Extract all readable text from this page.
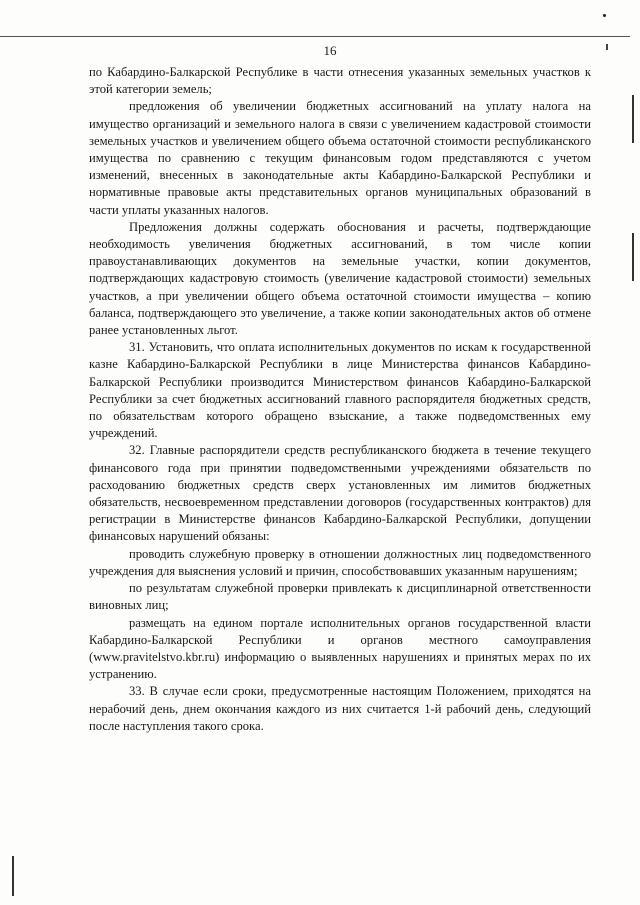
16

по Кабардино-Балкарской Республике в части отнесения указанных земельных участков к этой категории земель;

предложения об увеличении бюджетных ассигнований на уплату налога на имущество организаций и земельного налога в связи с увеличением кадастровой стоимости земельных участков и увеличением общего объема остаточной стоимости республиканского имущества по сравнению с текущим финансовым годом представляются с учетом изменений, внесенных в законодательные акты Кабардино-Балкарской Республики и нормативные правовые акты представительных органов муниципальных образований в части уплаты указанных налогов.

Предложения должны содержать обоснования и расчеты, подтверждающие необходимость увеличения бюджетных ассигнований, в том числе копии правоустанавливающих документов на земельные участки, копии документов, подтверждающих кадастровую стоимость (увеличение кадастровой стоимости) земельных участков, а при увеличении общего объема остаточной стоимости имущества – копию баланса, подтверждающего это увеличение, а также копии законодательных актов об отмене ранее установленных льгот.

31. Установить, что оплата исполнительных документов по искам к государственной казне Кабардино-Балкарской Республики в лице Министерства финансов Кабардино-Балкарской Республики производится Министерством финансов Кабардино-Балкарской Республики за счет бюджетных ассигнований главного распорядителя бюджетных средств, по обязательствам которого обращено взыскание, а также подведомственных ему учреждений.

32. Главные распорядители средств республиканского бюджета в течение текущего финансового года при принятии подведомственными учреждениями обязательств по расходованию бюджетных средств сверх установленных им лимитов бюджетных обязательств, несвоевременном представлении договоров (государственных контрактов) для регистрации в Министерстве финансов Кабардино-Балкарской Республики, допущении финансовых нарушений обязаны:

проводить служебную проверку в отношении должностных лиц подведомственного учреждения для выяснения условий и причин, способствовавших указанным нарушениям;

по результатам служебной проверки привлекать к дисциплинарной ответственности виновных лиц;

размещать на едином портале исполнительных органов государственной власти Кабардино-Балкарской Республики и органов местного самоуправления (www.pravitelstvo.kbr.ru) информацию о выявленных нарушениях и принятых мерах по их устранению.

33. В случае если сроки, предусмотренные настоящим Положением, приходятся на нерабочий день, днем окончания каждого из них считается 1-й рабочий день, следующий после наступления такого срока.
